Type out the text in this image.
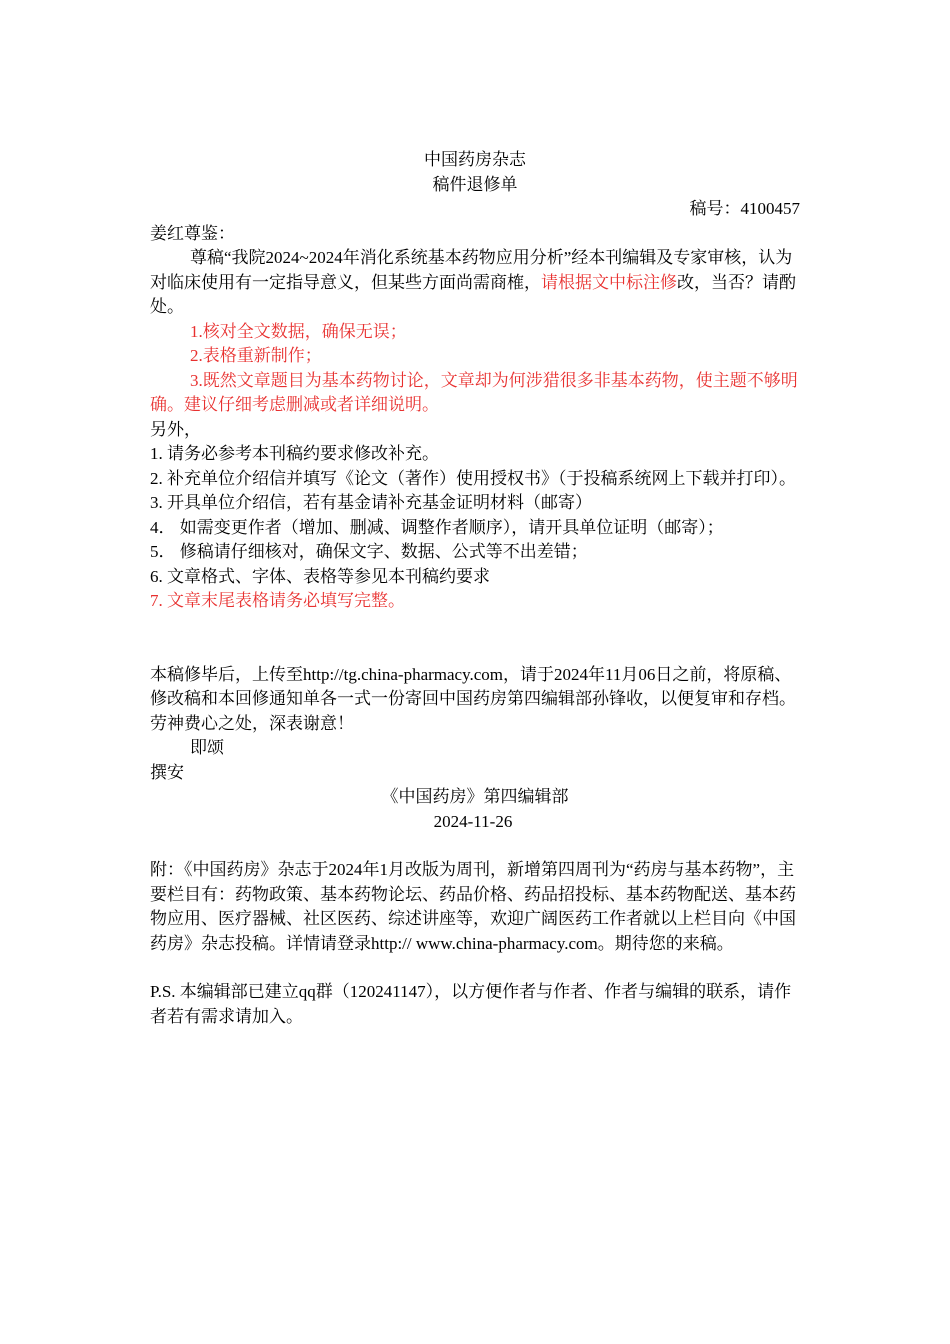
中国药房杂志

稿件退修单

稿号：4100457

姜红尊鉴：

尊稿“我院2024~2024年消化系统基本药物应用分析”经本刊编辑及专家审核，认为对临床使用有一定指导意义，但某些方面尚需商榷，请根据文中标注修改，当否？请酌处。

1.核对全文数据，确保无误；

2.表格重新制作；

3.既然文章题目为基本药物讨论，文章却为何涉猎很多非基本药物，使主题不够明确。建议仔细考虑删减或者详细说明。

另外，

1. 请务必参考本刊稿约要求修改补充。

2. 补充单位介绍信并填写《论文（著作）使用授权书》（于投稿系统网上下载并打印）。

3. 开具单位介绍信，若有基金请补充基金证明材料（邮寄）

4． 如需变更作者（增加、删减、调整作者顺序），请开具单位证明（邮寄）；

5． 修稿请仔细核对，确保文字、数据、公式等不出差错；

6. 文章格式、字体、表格等参见本刊稿约要求

7. 文章末尾表格请务必填写完整。

本稿修毕后，上传至http://tg.china-pharmacy.com，请于2024年11月06日之前，将原稿、修改稿和本回修通知单各一式一份寄回中国药房第四编辑部孙锋收，以便复审和存档。劳神费心之处，深表谢意！

即颂

撰安

《中国药房》第四编辑部

2024-11-26

附：《中国药房》杂志于2024年1月改版为周刊，新增第四周刊为“药房与基本药物”，主要栏目有：药物政策、基本药物论坛、药品价格、药品招投标、基本药物配送、基本药物应用、医疗器械、社区医药、综述讲座等，欢迎广阔医药工作者就以上栏目向《中国药房》杂志投稿。详情请登录http:// www.china-pharmacy.com。期待您的来稿。

P.S. 本编辑部已建立qq群（120241147），以方便作者与作者、作者与编辑的联系，请作者若有需求请加入。
